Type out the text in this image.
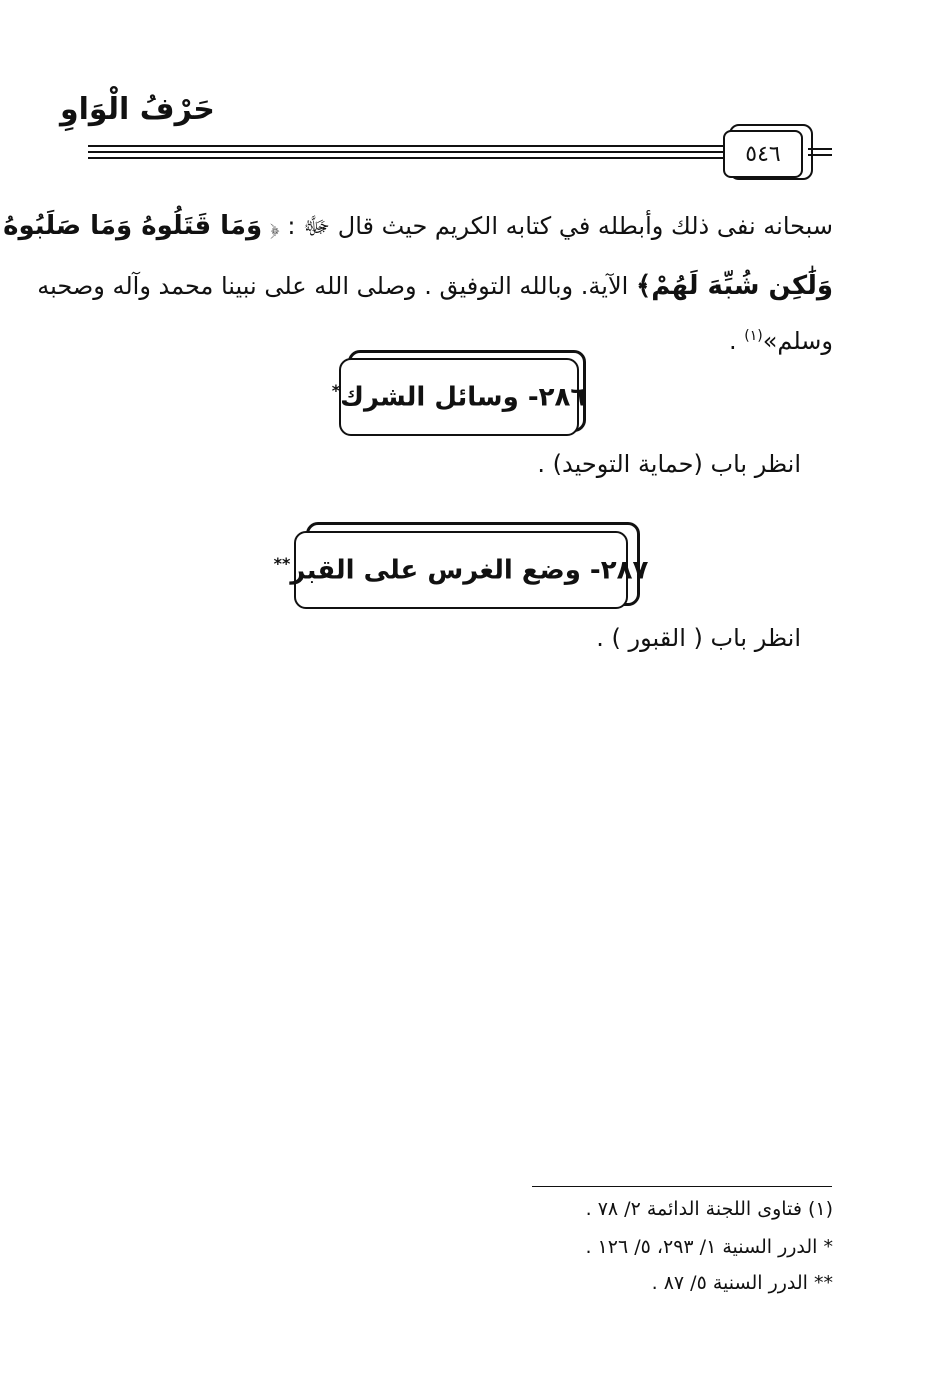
حَرْفُ الْوَاوِ
٥٤٦
سبحانه نفى ذلك وأبطله في كتابه الكريم حيث قال ﷻ : ﴿ وَمَا قَتَلُوهُ وَمَا صَلَبُوهُ
وَلَٰكِن شُبِّهَ لَهُمْ﴾ الآية. وبالله التوفيق . وصلى الله على نبينا محمد وآله وصحبه
وسلم»$^{(١)}$ .
٢٨٦- وسائل الشرك*
انظر باب (حماية التوحيد) .
٢٨٧- وضع الغرس على القبر**
انظر باب ( القبور ) .
(١) فتاوى اللجنة الدائمة ٢/ ٧٨ .
* الدرر السنية ١/ ٢٩٣، ٥/ ١٢٦ .
** الدرر السنية ٥/ ٨٧ .
